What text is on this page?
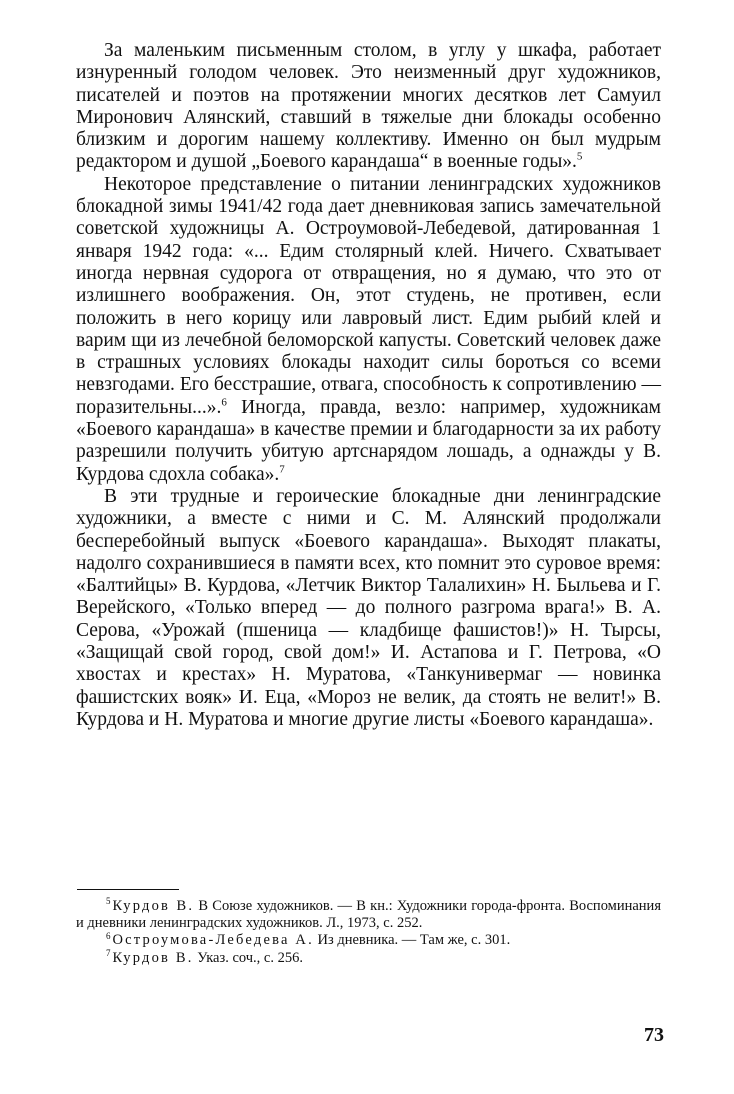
За маленьким письменным столом, в углу у шкафа, работает изнуренный голодом человек. Это неизменный друг художников, писателей и поэтов на протяжении многих десятков лет Самуил Миронович Алянский, ставший в тяжелые дни блокады особенно близким и дорогим нашему коллективу. Именно он был мудрым редактором и душой „Боевого карандаша“ в военные годы».$^5$

Некоторое представление о питании ленинградских художников блокадной зимы 1941/42 года дает дневниковая запись замечательной советской художницы А. Остроумовой-Лебедевой, датированная 1 января 1942 года: «... Едим столярный клей. Ничего. Схватывает иногда нервная судорога от отвращения, но я думаю, что это от излишнего воображения. Он, этот студень, не противен, если положить в него корицу или лавровый лист. Едим рыбий клей и варим щи из лечебной беломорской капусты. Советский человек даже в страшных условиях блокады находит силы бороться со всеми невзгодами. Его бесстрашие, отвага, способность к сопротивлению — поразительны...».$^6$ Иногда, правда, везло: например, художникам «Боевого карандаша» в качестве премии и благодарности за их работу разрешили получить убитую артснарядом лошадь, а однажды у В. Курдова сдохла собака».$^7$

В эти трудные и героические блокадные дни ленинградские художники, а вместе с ними и С. М. Алянский продолжали бесперебойный выпуск «Боевого карандаша». Выходят плакаты, надолго сохранившиеся в памяти всех, кто помнит это суровое время: «Балтийцы» В. Курдова, «Летчик Виктор Талалихин» Н. Быльева и Г. Верейского, «Только вперед — до полного разгрома врага!» В. А. Серова, «Урожай (пшеница — кладбище фашистов!)» Н. Тырсы, «Защищай свой город, свой дом!» И. Астапова и Г. Петрова, «О хвостах и крестах» Н. Муратова, «Танкунивермаг — новинка фашистских вояк» И. Еца, «Мороз не велик, да стоять не велит!» В. Курдова и Н. Муратова и многие другие листы «Боевого карандаша».

$^5$ Курдов В. В Союзе художников. — В кн.: Художники города-фронта. Воспоминания и дневники ленинградских художников. Л., 1973, с. 252.

$^6$ Остроумова-Лебедева А. Из дневника. — Там же, с. 301.

$^7$ Курдов В. Указ. соч., с. 256.

73
